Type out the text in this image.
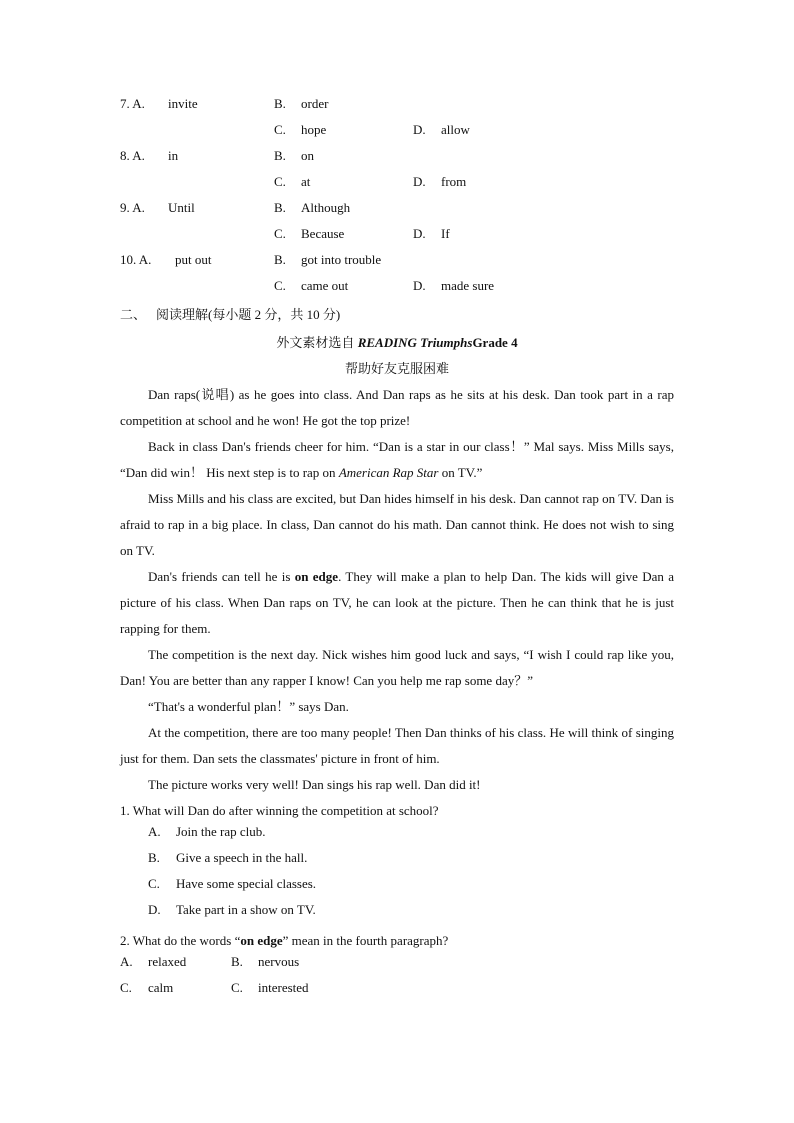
7. A. invite	B. order
C. hope	D. allow
8. A. in	B. on
C. at	D. from
9. A. Until	B. Although
C. Because	D. If
10. A. put out	B. got into trouble
C. came out	D. made sure
二、 阅读理解(每小题 2 分，共 10 分)
外文素材选自 READING TriumphsGrade 4
帮助好友克服困难
Dan raps(说唱) as he goes into class. And Dan raps as he sits at his desk. Dan took part in a rap competition at school and he won! He got the top prize!
Back in class Dan's friends cheer for him. “Dan is a star in our class！” Mal says. Miss Mills says, “Dan did win！ His next step is to rap on American Rap Star on TV.”
Miss Mills and his class are excited, but Dan hides himself in his desk. Dan cannot rap on TV. Dan is afraid to rap in a big place. In class, Dan cannot do his math. Dan cannot think. He does not wish to sing on TV.
Dan's friends can tell he is on edge. They will make a plan to help Dan. The kids will give Dan a picture of his class. When Dan raps on TV, he can look at the picture. Then he can think that he is just rapping for them.
The competition is the next day. Nick wishes him good luck and says, “I wish I could rap like you, Dan! You are better than any rapper I know! Can you help me rap some day？”
“That's a wonderful plan！” says Dan.
At the competition, there are too many people! Then Dan thinks of his class. He will think of singing just for them. Dan sets the classmates' picture in front of him.
The picture works very well! Dan sings his rap well. Dan did it!
1. What will Dan do after winning the competition at school?
A. Join the rap club.
B. Give a speech in the hall.
C. Have some special classes.
D. Take part in a show on TV.
2. What do the words “on edge” mean in the fourth paragraph?
A. relaxed	B. nervous
C. calm	C. interested
